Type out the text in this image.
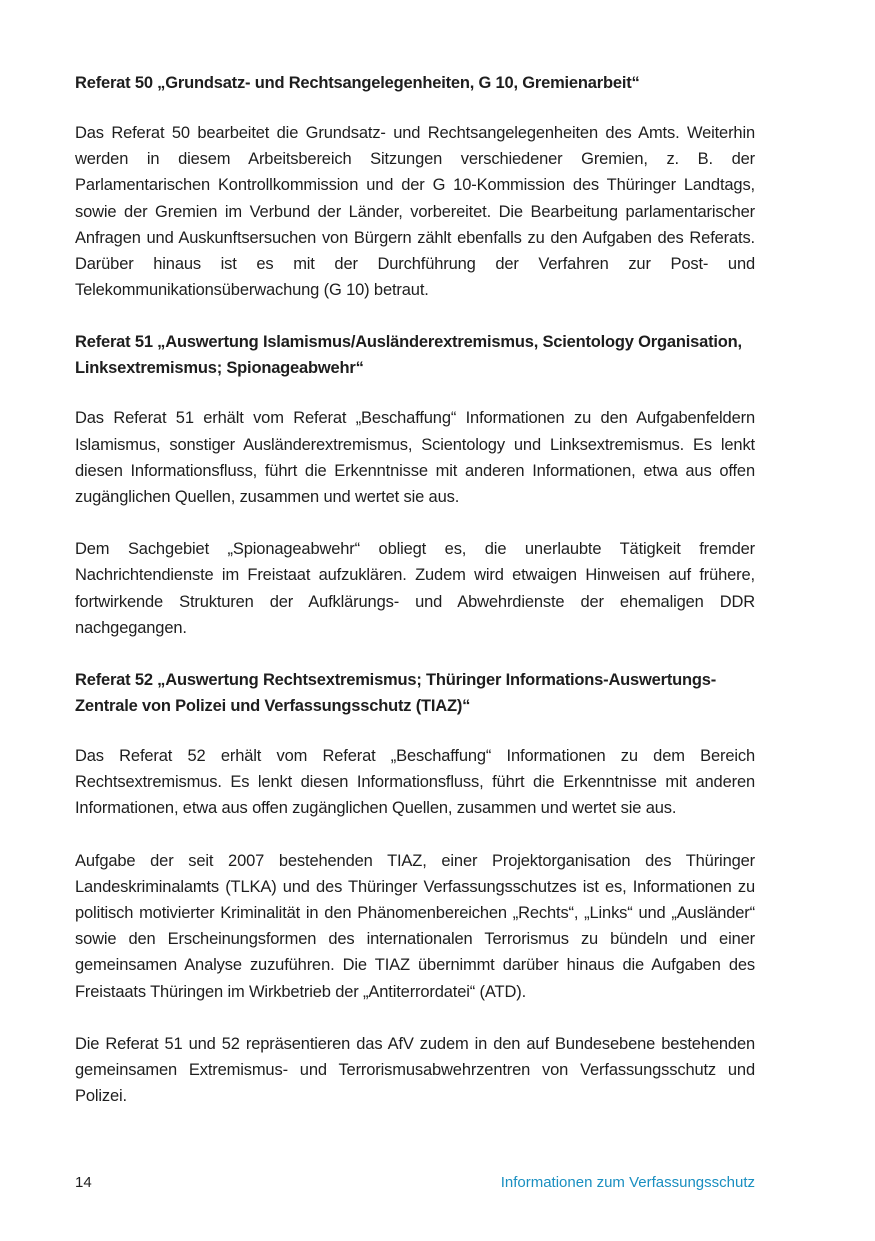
Referat 50 „Grundsatz- und Rechtsangelegenheiten, G 10, Gremienarbeit“

Das Referat 50 bearbeitet die Grundsatz- und Rechtsangelegenheiten des Amts. Weiterhin werden in diesem Arbeitsbereich Sitzungen verschiedener Gremien, z. B. der Parlamentarischen Kontrollkommission und der G 10-Kommission des Thüringer Landtags, sowie der Gremien im Verbund der Länder, vorbereitet. Die Bearbeitung parlamentarischer Anfragen und Auskunftsersuchen von Bürgern zählt ebenfalls zu den Aufgaben des Referats. Darüber hinaus ist es mit der Durchführung der Verfahren zur Post- und Telekommunikationsüberwachung (G 10) betraut.

Referat 51 „Auswertung Islamismus/Ausländerextremismus, Scientology Organisation, Linksextremismus; Spionageabwehr“

Das Referat 51 erhält vom Referat „Beschaffung“ Informationen zu den Aufgabenfeldern Islamismus, sonstiger Ausländerextremismus, Scientology und Linksextremismus. Es lenkt diesen Informationsfluss, führt die Erkenntnisse mit anderen Informationen, etwa aus offen zugänglichen Quellen, zusammen und wertet sie aus.

Dem Sachgebiet „Spionageabwehr“ obliegt es, die unerlaubte Tätigkeit fremder Nachrichtendienste im Freistaat aufzuklären. Zudem wird etwaigen Hinweisen auf frühere, fortwirkende Strukturen der Aufklärungs- und Abwehrdienste der ehemaligen DDR nachgegangen.

Referat 52 „Auswertung Rechtsextremismus; Thüringer Informations-Auswertungs-Zentrale von Polizei und Verfassungsschutz (TIAZ)“

Das Referat 52 erhält vom Referat „Beschaffung“ Informationen zu dem Bereich Rechtsextremismus. Es lenkt diesen Informationsfluss, führt die Erkenntnisse mit anderen Informationen, etwa aus offen zugänglichen Quellen, zusammen und wertet sie aus.

Aufgabe der seit 2007 bestehenden TIAZ, einer Projektorganisation des Thüringer Landeskriminalamts (TLKA) und des Thüringer Verfassungsschutzes ist es, Informationen zu politisch motivierter Kriminalität in den Phänomenbereichen „Rechts“, „Links“ und „Ausländer“ sowie den Erscheinungsformen des internationalen Terrorismus zu bündeln und einer gemeinsamen Analyse zuzuführen. Die TIAZ übernimmt darüber hinaus die Aufgaben des Freistaats Thüringen im Wirkbetrieb der „Antiterrordatei“ (ATD).

Die Referat 51 und 52 repräsentieren das AfV zudem in den auf Bundesebene bestehenden gemeinsamen Extremismus- und Terrorismusabwehrzentren von Verfassungsschutz und Polizei.

14	Informationen zum Verfassungsschutz
